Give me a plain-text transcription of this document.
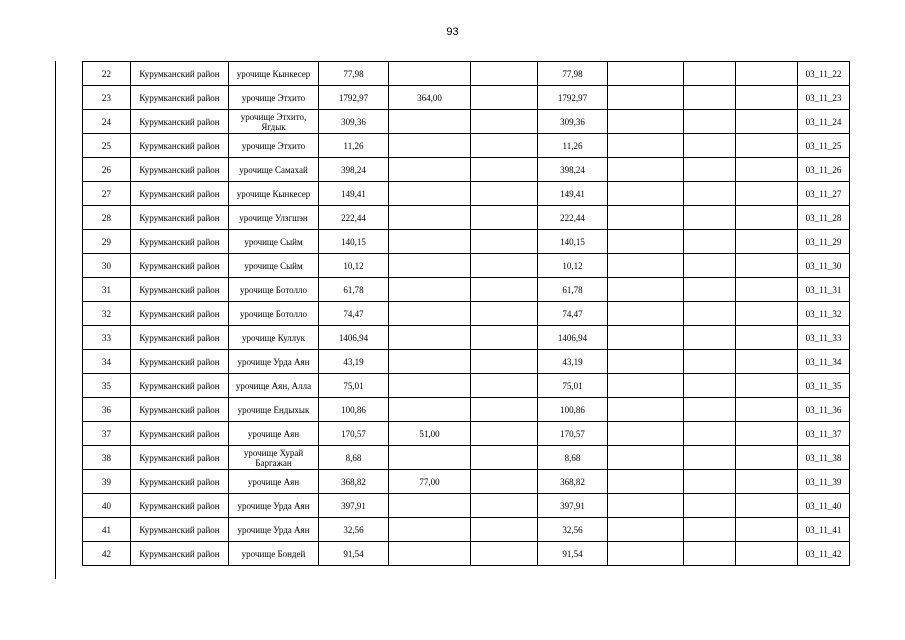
93
22	Курумканский район	урочище Кынкесер	77,98			77,98				03_11_22
23	Курумканский район	урочище Этхито	1792,97	364,00		1792,97				03_11_23
24	Курумканский район	урочище Этхито, Ягдык	309,36			309,36				03_11_24
25	Курумканский район	урочище Этхито	11,26			11,26				03_11_25
26	Курумканский район	урочище Самахай	398,24			398,24				03_11_26
27	Курумканский район	урочище Кынкесер	149,41			149,41				03_11_27
28	Курумканский район	урочище Улзгшэн	222,44			222,44				03_11_28
29	Курумканский район	урочище Сыйм	140,15			140,15				03_11_29
30	Курумканский район	урочище Сыйм	10,12			10,12				03_11_30
31	Курумканский район	урочище Ботолло	61,78			61,78				03_11_31
32	Курумканский район	урочище Ботолло	74,47			74,47				03_11_32
33	Курумканский район	урочище Куллук	1406,94			1406,94				03_11_33
34	Курумканский район	урочище Урда Аян	43,19			43,19				03_11_34
35	Курумканский район	урочище Аян, Алла	75,01			75,01				03_11_35
36	Курумканский район	урочище Ендыхык	100,86			100,86				03_11_36
37	Курумканский район	урочище Аян	170,57	51,00		170,57				03_11_37
38	Курумканский район	урочище Хурай Баргажан	8,68			8,68				03_11_38
39	Курумканский район	урочище Аян	368,82	77,00		368,82				03_11_39
40	Курумканский район	урочище Урда Аян	397,91			397,91				03_11_40
41	Курумканский район	урочище Урда Аян	32,56			32,56				03_11_41
42	Курумканский район	урочище Бондей	91,54			91,54				03_11_42
